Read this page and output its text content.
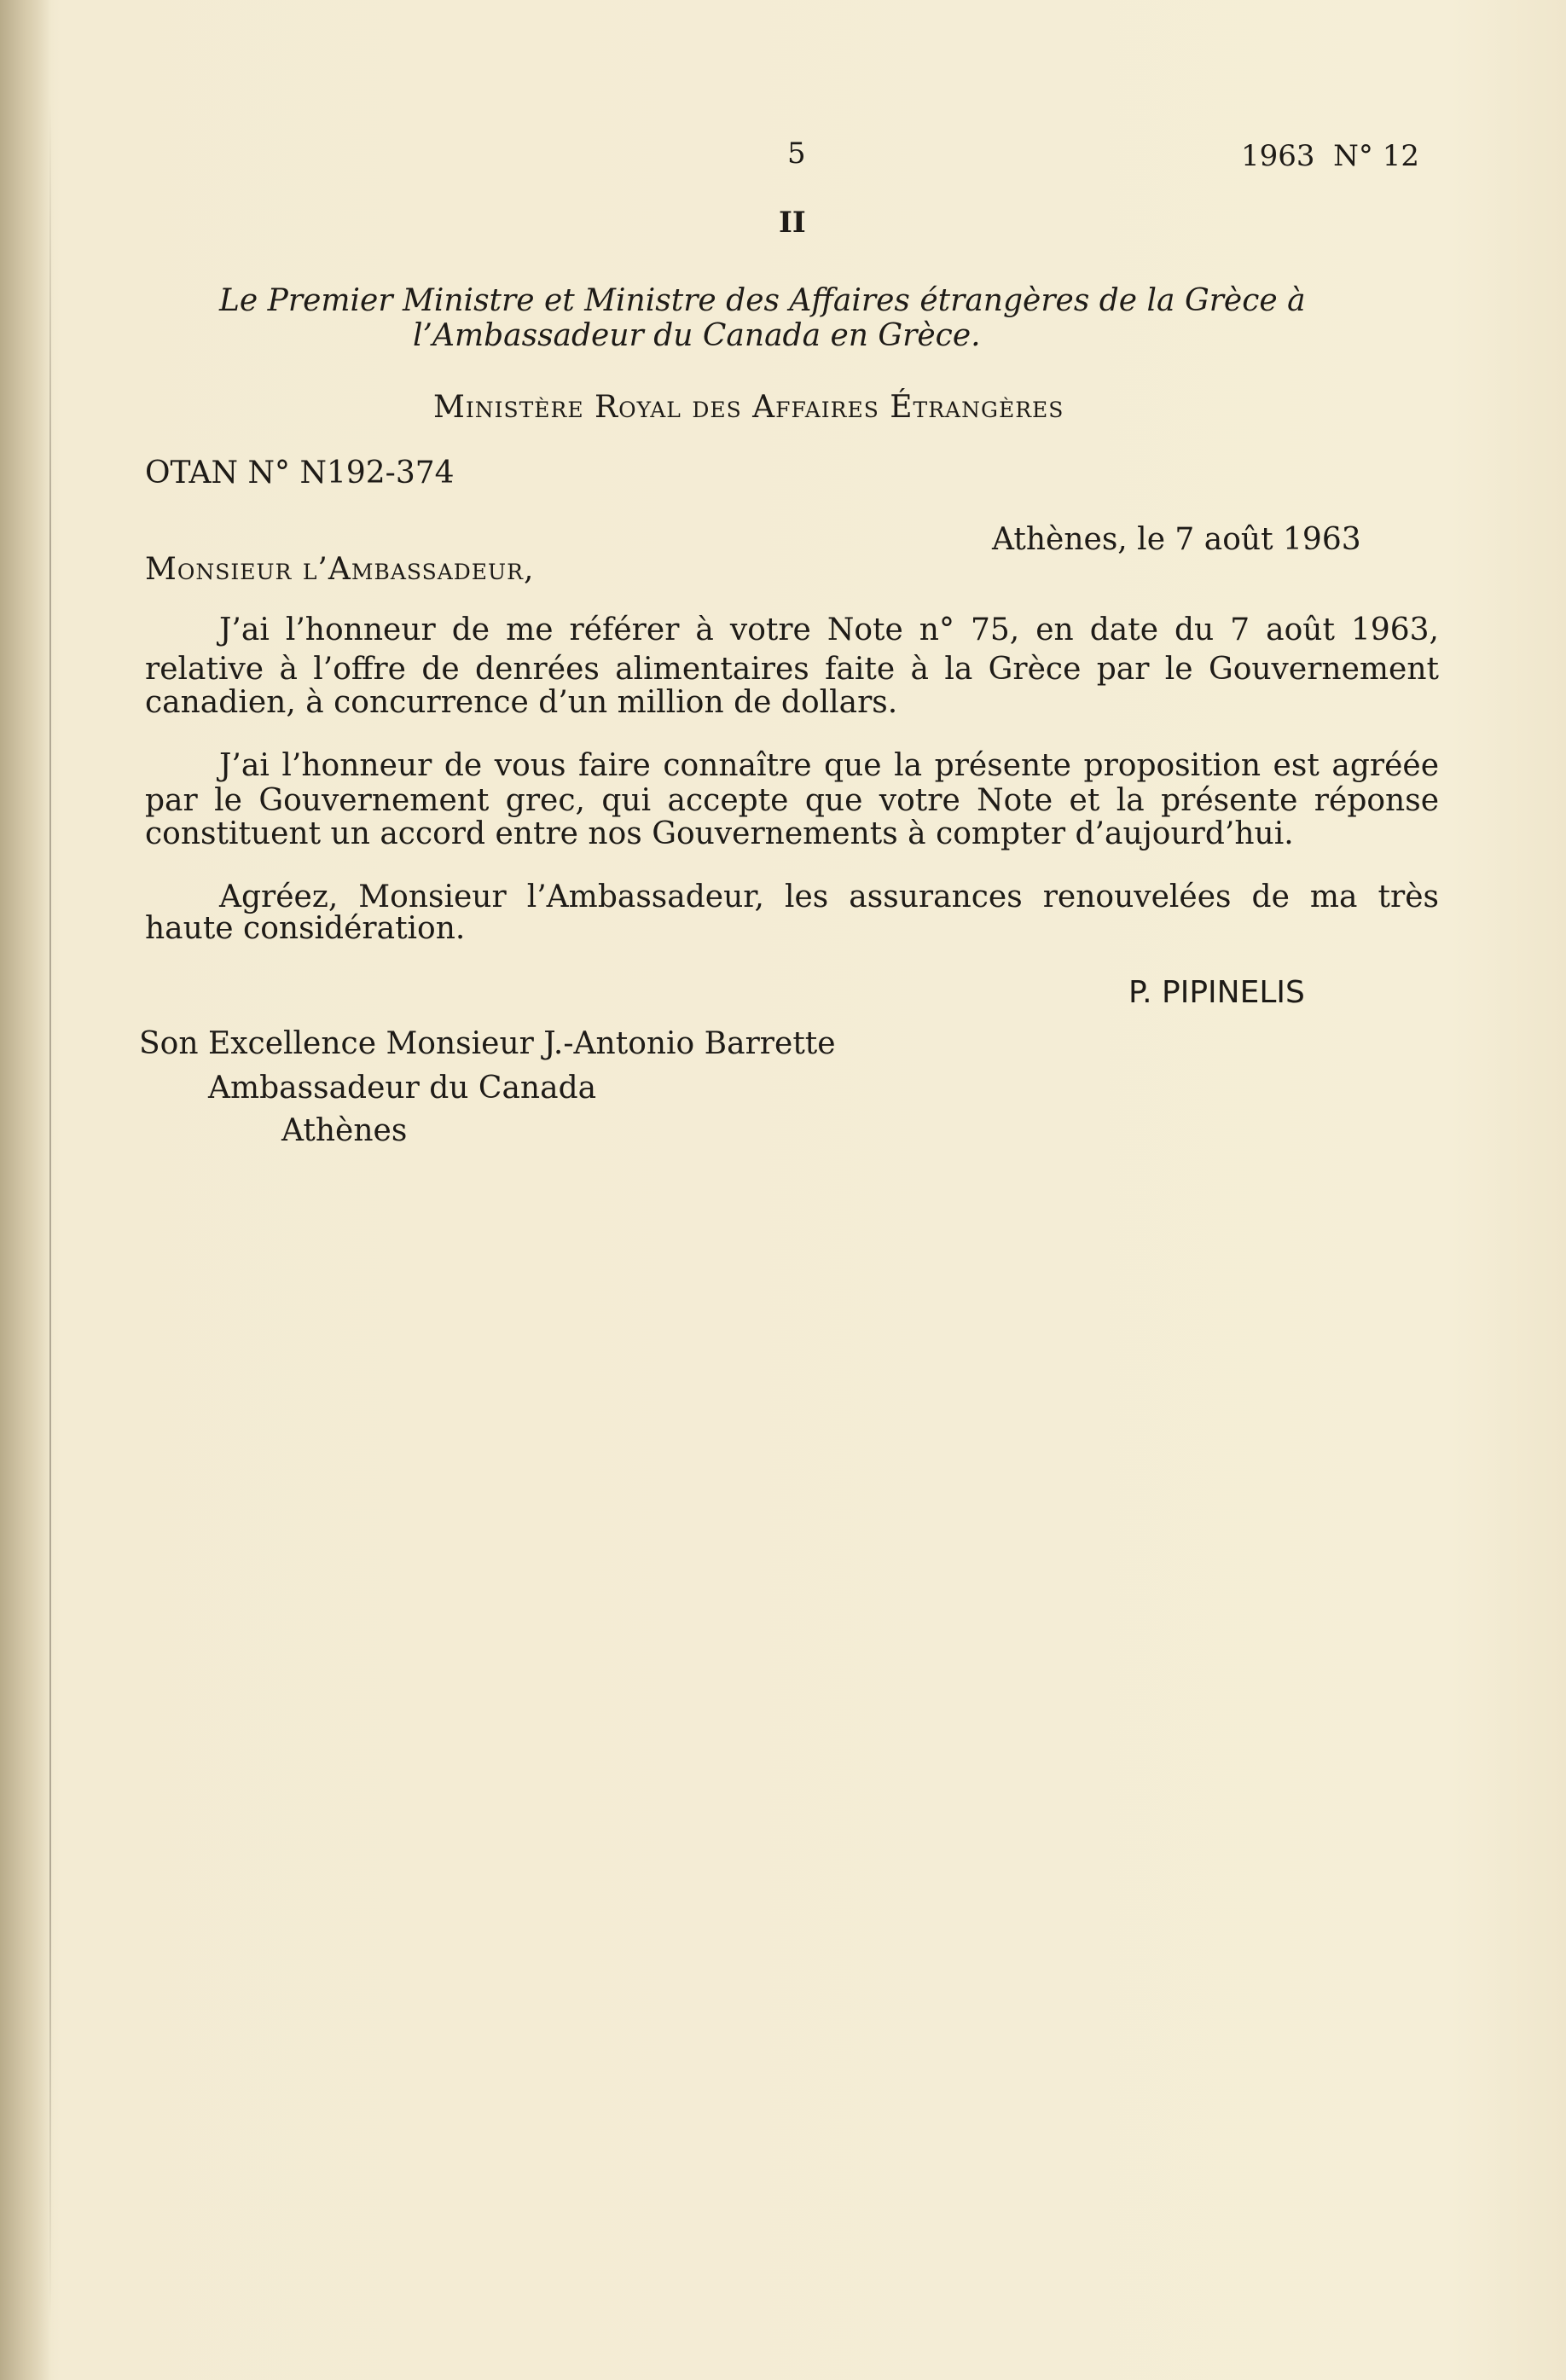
5	1963  N° 12
II
Le Premier Ministre et Ministre des Affaires étrangères de la Grèce à
l’Ambassadeur du Canada en Grèce.
Ministère Royal des Affaires Étrangères
OTAN N° N192-374
Athènes, le 7 août 1963
Monsieur l’Ambassadeur,
J’ai l’honneur de me référer à votre Note n° 75, en date du 7 août 1963,
relative à l’offre de denrées alimentaires faite à la Grèce par le Gouvernement
canadien, à concurrence d’un million de dollars.
J’ai l’honneur de vous faire connaître que la présente proposition est agréée
par le Gouvernement grec, qui accepte que votre Note et la présente réponse
constituent un accord entre nos Gouvernements à compter d’aujourd’hui.
Agréez, Monsieur l’Ambassadeur, les assurances renouvelées de ma très
haute considération.
P. PIPINELIS
Son Excellence Monsieur J.-Antonio Barrette
Ambassadeur du Canada
Athènes
